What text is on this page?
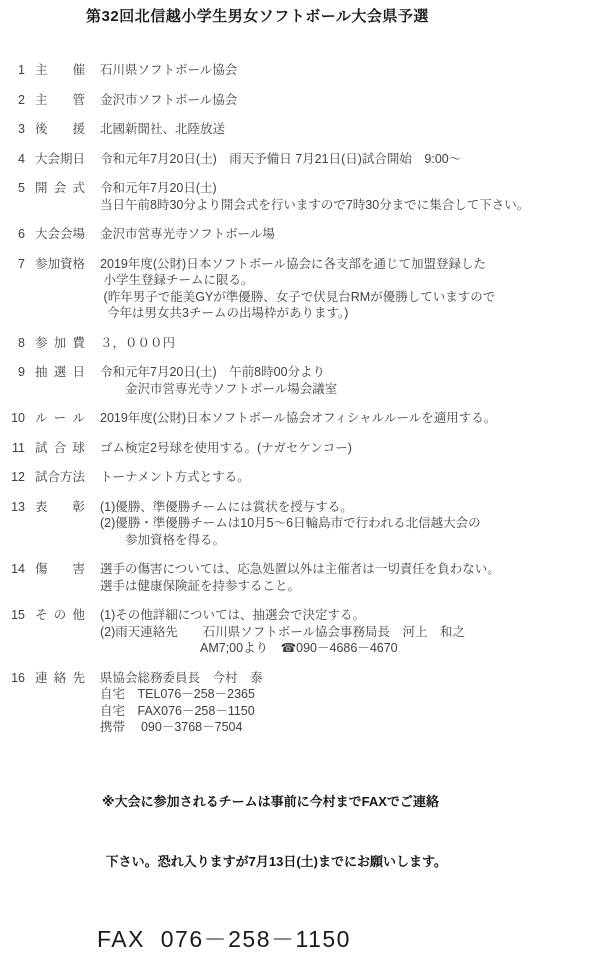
第32回北信越小学生男女ソフトボール大会県予選
1 主 催 石川県ソフトボール協会
2 主 管 金沢市ソフトボール協会
3 後 援 北國新聞社、北陸放送
4 大 会 期 日 令和元年7月20日(土)　雨天予備日 7月21日(日)試合開始　9:00～
5 開 会 式 令和元年7月20日(土)
当日午前8時30分より開会式を行いますので7時30分までに集合して下さい。
6 大 会 会 場 金沢市営専光寺ソフトボール場
7 参 加 資 格 2019年度(公財)日本ソフトボール協会に各支部を通じて加盟登録した
小学生登録チームに限る。
(昨年男子で能美GYが準優勝、女子で伏見台RMが優勝していますので
今年は男女共3チームの出場枠があります。)
8 参 加 費 ３，０００円
9 抽 選 日 令和元年7月20日(土)　午前8時00分より
　　金沢市営専光寺ソフトボール場会議室
10 ル ー ル 2019年度(公財)日本ソフトボール協会オフィシャルルールを適用する。
11 試 合 球 ゴム検定2号球を使用する。(ナガセケンコー)
12 試 合 方 法 トーナメント方式とする。
13 表 彰 (1)優勝、準優勝チームには賞状を授与する。
(2)優勝・準優勝チームは10月5～6日輪島市で行われる北信越大会の
　　参加資格を得る。
14 傷 害 選手の傷害については、応急処置以外は主催者は一切責任を負わない。
選手は健康保険証を持参すること。
15 そ の 他 (1)その他詳細については、抽選会で決定する。
(2)雨天連絡先　　石川県ソフトボール協会事務局長　河上　和之
　　　　　　　　AM7;00より　☎090－4686－4670
16 連 絡 先 県協会総務委員長　今村　泰
自宅　TEL076－258－2365
自宅　FAX076－258－1150
携帯　 090－3768－7504

※大会に参加されるチームは事前に今村までFAXでご連絡

下さい。恐れ入りますが7月13日(土)までにお願いします。

FAX  076－258－1150
